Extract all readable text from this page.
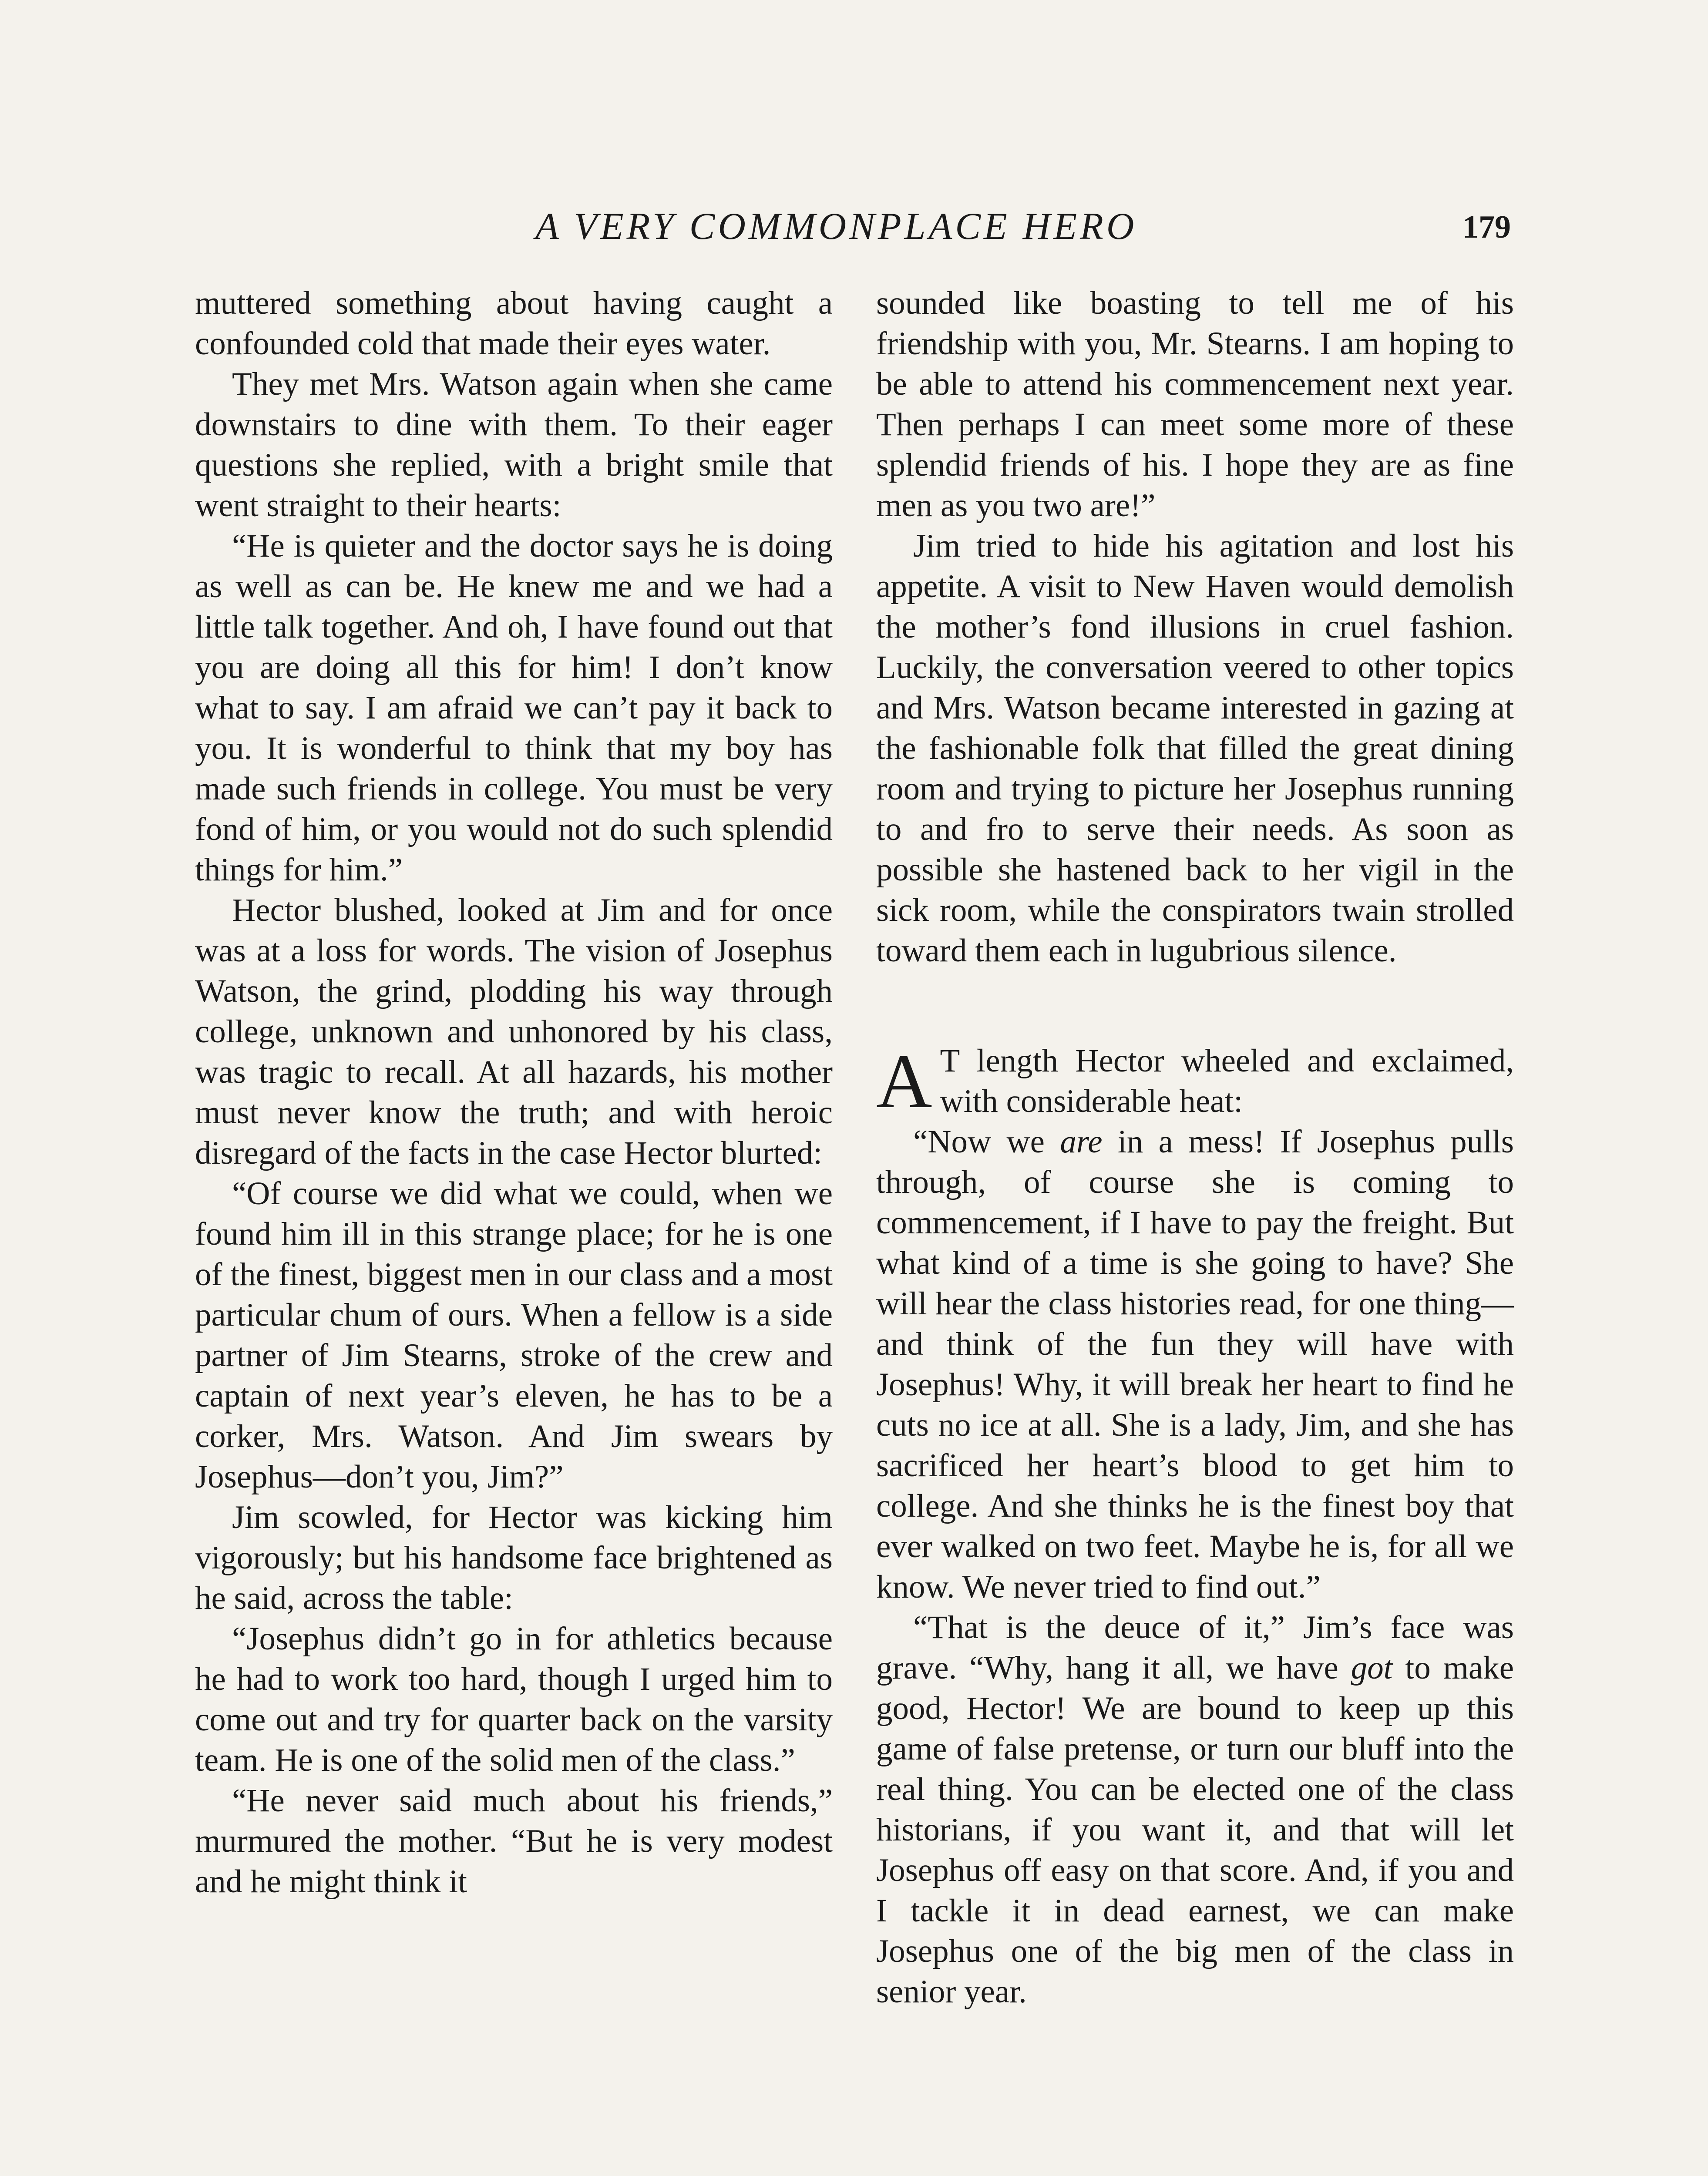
A VERY COMMONPLACE HERO	179

muttered something about having caught a confounded cold that made their eyes water.

They met Mrs. Watson again when she came downstairs to dine with them. To their eager questions she replied, with a bright smile that went straight to their hearts:

“He is quieter and the doctor says he is doing as well as can be. He knew me and we had a little talk together. And oh, I have found out that you are doing all this for him! I don’t know what to say. I am afraid we can’t pay it back to you. It is wonderful to think that my boy has made such friends in college. You must be very fond of him, or you would not do such splendid things for him.”

Hector blushed, looked at Jim and for once was at a loss for words. The vision of Josephus Watson, the grind, plodding his way through college, unknown and unhonored by his class, was tragic to recall. At all hazards, his mother must never know the truth; and with heroic disregard of the facts in the case Hector blurted:

“Of course we did what we could, when we found him ill in this strange place; for he is one of the finest, biggest men in our class and a most particular chum of ours. When a fellow is a side partner of Jim Stearns, stroke of the crew and captain of next year’s eleven, he has to be a corker, Mrs. Watson. And Jim swears by Josephus—don’t you, Jim?”

Jim scowled, for Hector was kicking him vigorously; but his handsome face brightened as he said, across the table:

“Josephus didn’t go in for athletics because he had to work too hard, though I urged him to come out and try for quarter back on the varsity team. He is one of the solid men of the class.”

“He never said much about his friends,” murmured the mother. “But he is very modest and he might think it

sounded like boasting to tell me of his friendship with you, Mr. Stearns. I am hoping to be able to attend his commencement next year. Then perhaps I can meet some more of these splendid friends of his. I hope they are as fine men as you two are!”

Jim tried to hide his agitation and lost his appetite. A visit to New Haven would demolish the mother’s fond illusions in cruel fashion. Luckily, the conversation veered to other topics and Mrs. Watson became interested in gazing at the fashionable folk that filled the great dining room and trying to picture her Josephus running to and fro to serve their needs. As soon as possible she hastened back to her vigil in the sick room, while the conspirators twain strolled toward them each in lugubrious silence.

A T length Hector wheeled and exclaimed, with considerable heat:

“Now we are in a mess! If Josephus pulls through, of course she is coming to commencement, if I have to pay the freight. But what kind of a time is she going to have? She will hear the class histories read, for one thing—and think of the fun they will have with Josephus! Why, it will break her heart to find he cuts no ice at all. She is a lady, Jim, and she has sacrificed her heart’s blood to get him to college. And she thinks he is the finest boy that ever walked on two feet. Maybe he is, for all we know. We never tried to find out.”

“That is the deuce of it,” Jim’s face was grave. “Why, hang it all, we have got to make good, Hector! We are bound to keep up this game of false pretense, or turn our bluff into the real thing. You can be elected one of the class historians, if you want it, and that will let Josephus off easy on that score. And, if you and I tackle it in dead earnest, we can make Josephus one of the big men of the class in senior year.
